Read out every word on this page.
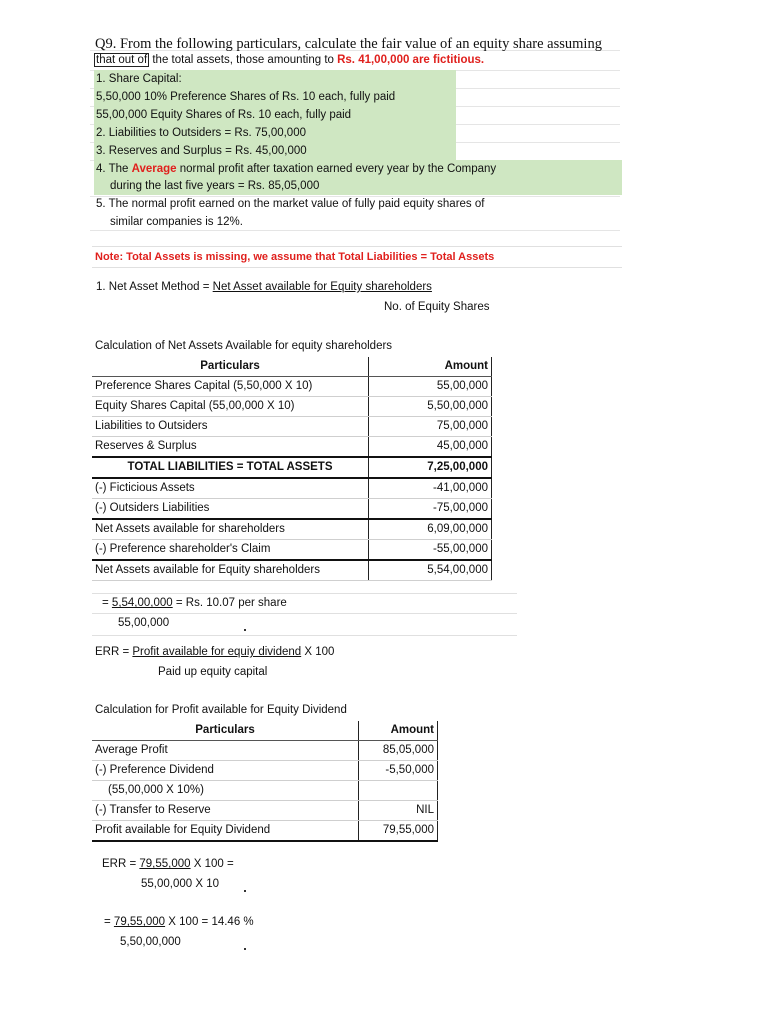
Q9. From the following particulars, calculate the fair value of an equity share assuming
that out of the total assets, those amounting to Rs. 41,00,000 are fictitious.
1. Share Capital:
5,50,000 10% Preference Shares of Rs. 10 each, fully paid
55,00,000 Equity Shares of Rs. 10 each, fully paid
2. Liabilities to Outsiders = Rs. 75,00,000
3. Reserves and Surplus = Rs. 45,00,000
4. The Average normal profit after taxation earned every year by the Company
during the last five years = Rs. 85,05,000
5. The normal profit earned on the market value of fully paid equity shares of
similar companies is 12%.
Note: Total Assets is missing, we assume that Total Liabilities = Total Assets
1. Net Asset Method = Net Asset available for Equity shareholders
No. of Equity Shares
Calculation of Net Assets Available for equity shareholders
Particulars	Amount
Preference Shares Capital (5,50,000 X 10)	55,00,000
Equity Shares Capital (55,00,000 X 10)	5,50,00,000
Liabilities to Outsiders	75,00,000
Reserves & Surplus	45,00,000
TOTAL LIABILITIES = TOTAL ASSETS	7,25,00,000
(-) Ficticious Assets	-41,00,000
(-) Outsiders Liabilities	-75,00,000
Net Assets available for shareholders	6,09,00,000
(-) Preference shareholder's Claim	-55,00,000
Net Assets available for Equity shareholders	5,54,00,000
= 5,54,00,000 = Rs. 10.07 per share
55,00,000
ERR = Profit available for equiy dividend X 100
Paid up equity capital
Calculation for Profit available for Equity Dividend
Particulars	Amount
Average Profit	85,05,000
(-) Preference Dividend	-5,50,000
(55,00,000 X 10%)	
(-) Transfer to Reserve	NIL
Profit available for Equity Dividend	79,55,000
ERR = 79,55,000 X 100 =
55,00,000 X 10
= 79,55,000 X 100 = 14.46 %
5,50,00,000
